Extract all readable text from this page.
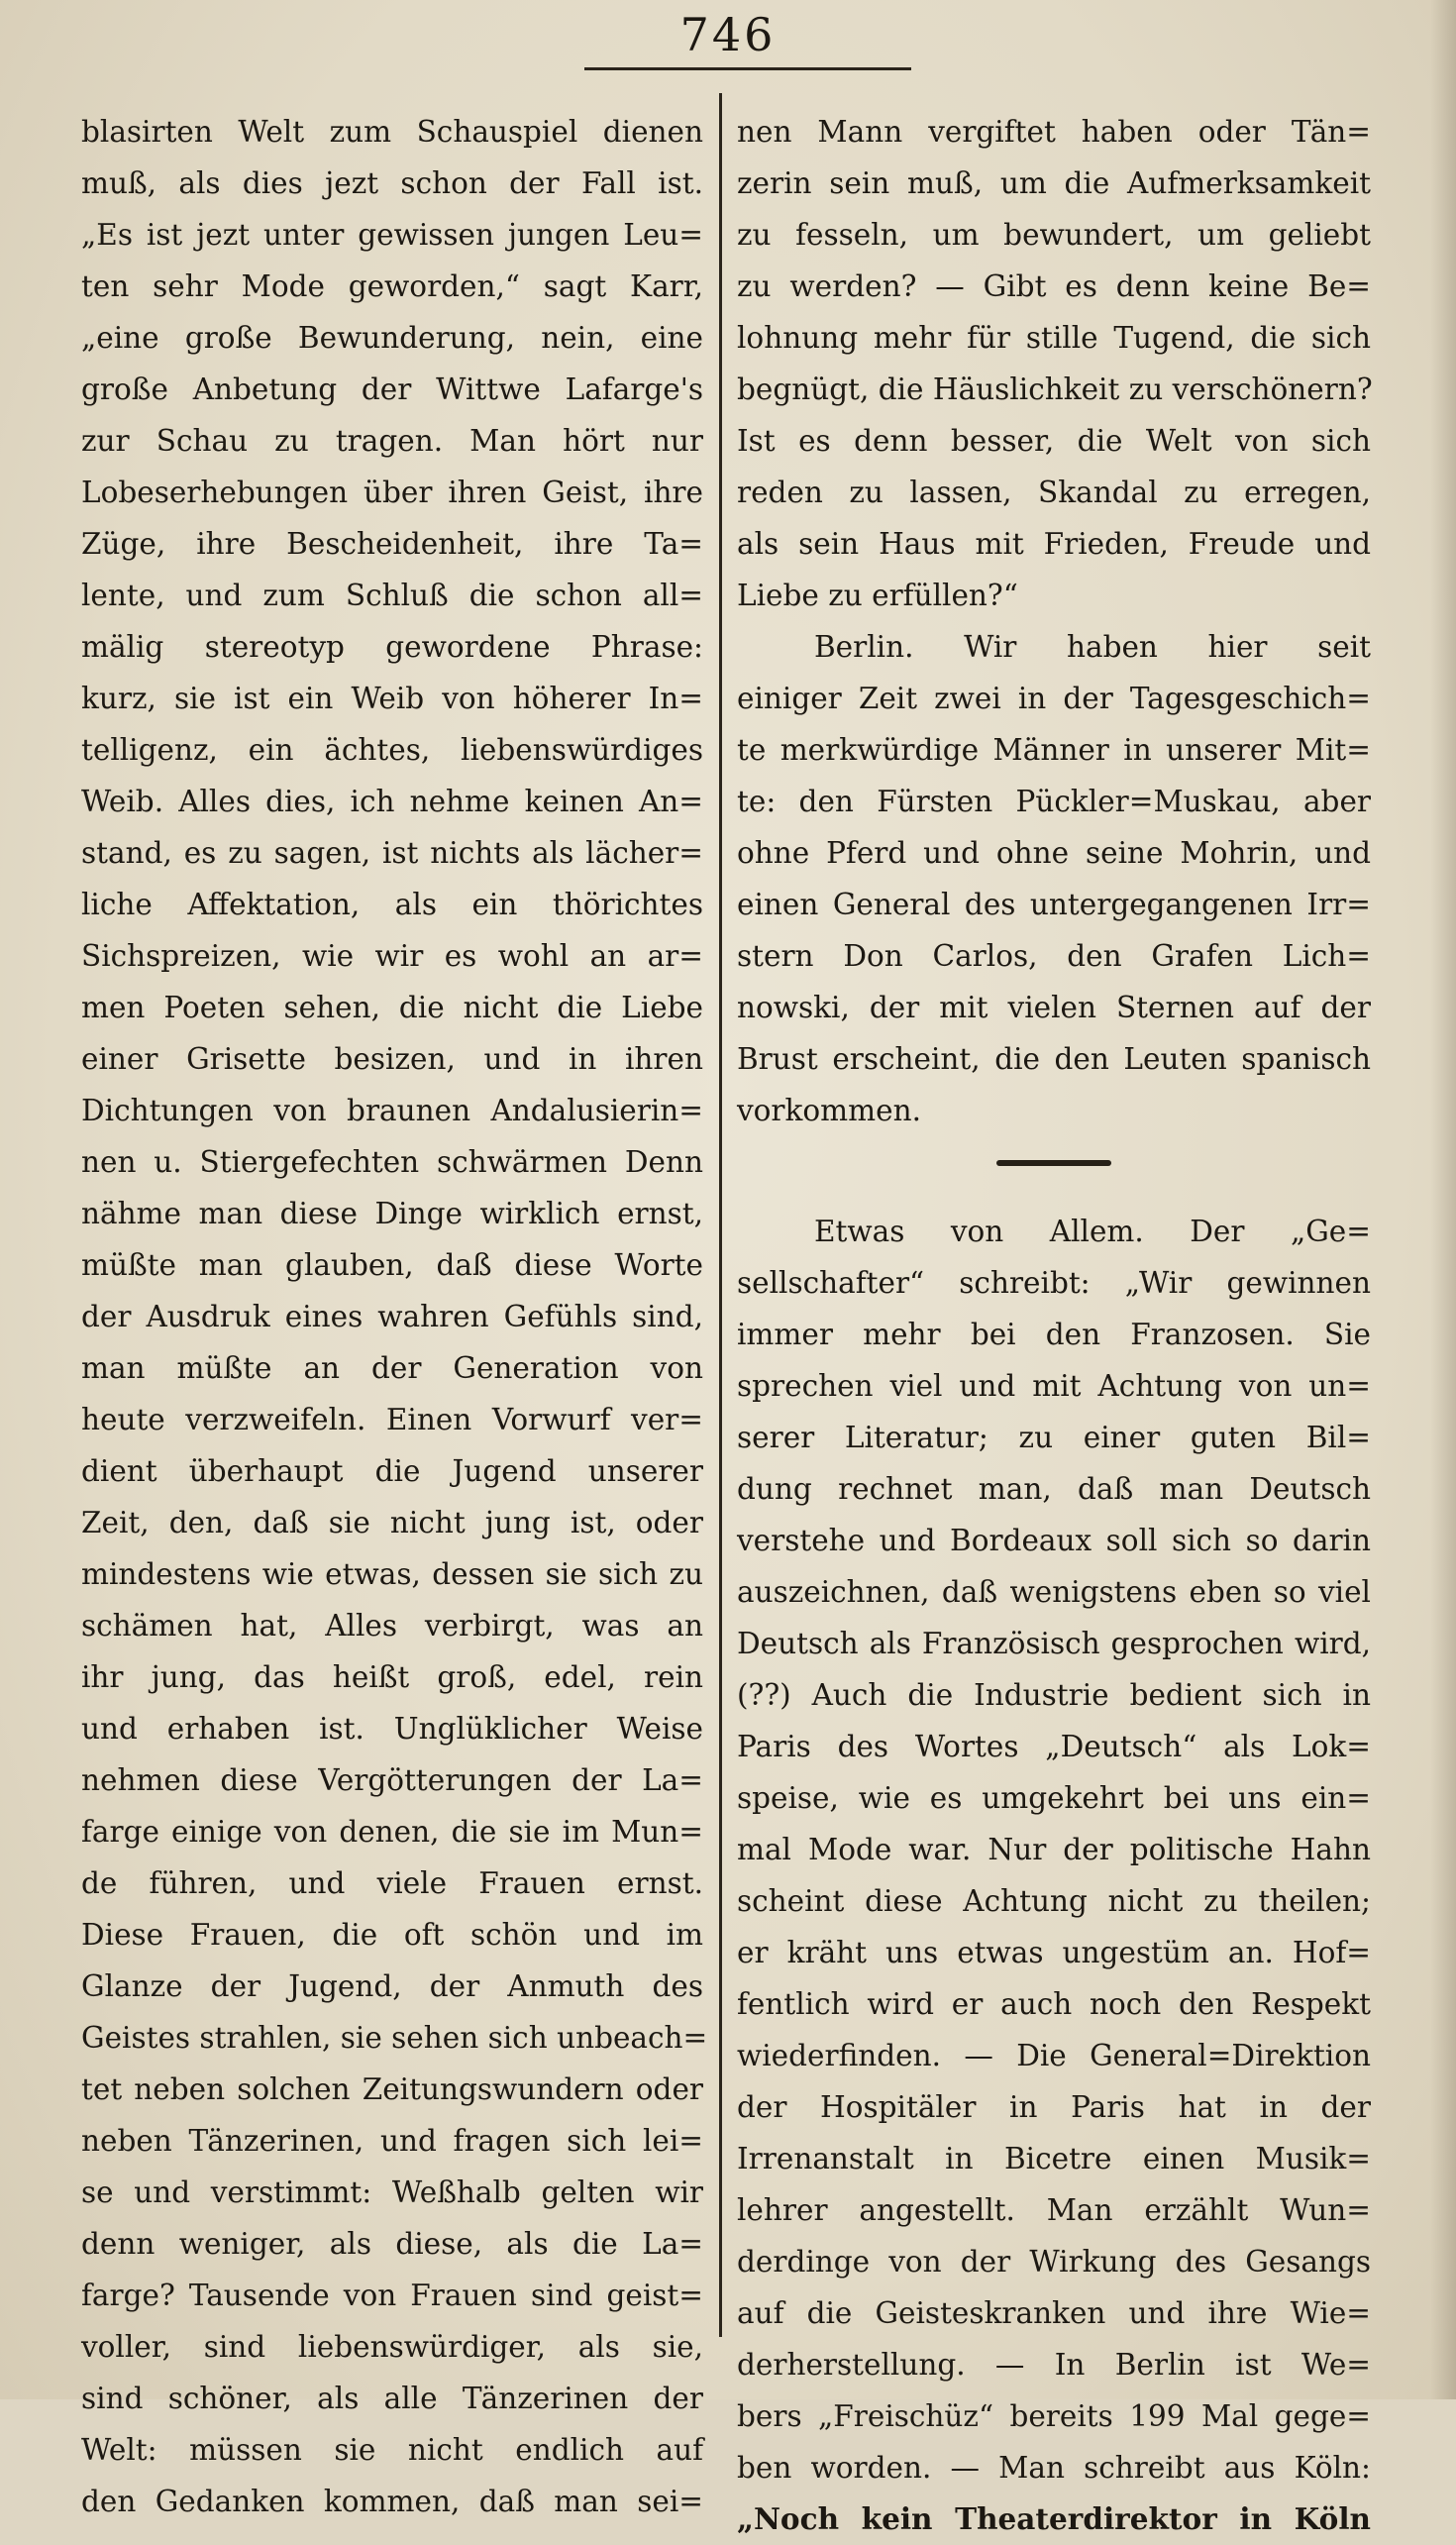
746
blasirten Welt zum Schauspiel dienen
muß, als dies jezt schon der Fall ist.
„Es ist jezt unter gewissen jungen Leu=
ten sehr Mode geworden,“ sagt Karr,
„eine große Bewunderung, nein, eine
große Anbetung der Wittwe Lafarge's
zur Schau zu tragen. Man hört nur
Lobeserhebungen über ihren Geist, ihre
Züge, ihre Bescheidenheit, ihre Ta=
lente, und zum Schluß die schon all=
mälig stereotyp gewordene Phrase:
kurz, sie ist ein Weib von höherer In=
telligenz, ein ächtes, liebenswürdiges
Weib. Alles dies, ich nehme keinen An=
stand, es zu sagen, ist nichts als lächer=
liche Affektation, als ein thörichtes
Sichspreizen, wie wir es wohl an ar=
men Poeten sehen, die nicht die Liebe
einer Grisette besizen, und in ihren
Dichtungen von braunen Andalusierin=
nen u. Stiergefechten schwärmen Denn
nähme man diese Dinge wirklich ernst,
müßte man glauben, daß diese Worte
der Ausdruk eines wahren Gefühls sind,
man müßte an der Generation von
heute verzweifeln. Einen Vorwurf ver=
dient überhaupt die Jugend unserer
Zeit, den, daß sie nicht jung ist, oder
mindestens wie etwas, dessen sie sich zu
schämen hat, Alles verbirgt, was an
ihr jung, das heißt groß, edel, rein
und erhaben ist. Unglüklicher Weise
nehmen diese Vergötterungen der La=
farge einige von denen, die sie im Mun=
de führen, und viele Frauen ernst.
Diese Frauen, die oft schön und im
Glanze der Jugend, der Anmuth des
Geistes strahlen, sie sehen sich unbeach=
tet neben solchen Zeitungswundern oder
neben Tänzerinen, und fragen sich lei=
se und verstimmt: Weßhalb gelten wir
denn weniger, als diese, als die La=
farge? Tausende von Frauen sind geist=
voller, sind liebenswürdiger, als sie,
sind schöner, als alle Tänzerinen der
Welt: müssen sie nicht endlich auf
den Gedanken kommen, daß man sei=
nen Mann vergiftet haben oder Tän=
zerin sein muß, um die Aufmerksamkeit
zu fesseln, um bewundert, um geliebt
zu werden? — Gibt es denn keine Be=
lohnung mehr für stille Tugend, die sich
begnügt, die Häuslichkeit zu verschönern?
Ist es denn besser, die Welt von sich
reden zu lassen, Skandal zu erregen,
als sein Haus mit Frieden, Freude und
Liebe zu erfüllen?“
Berlin. Wir haben hier seit
einiger Zeit zwei in der Tagesgeschich=
te merkwürdige Männer in unserer Mit=
te: den Fürsten Pückler=Muskau, aber
ohne Pferd und ohne seine Mohrin, und
einen General des untergegangenen Irr=
stern Don Carlos, den Grafen Lich=
nowski, der mit vielen Sternen auf der
Brust erscheint, die den Leuten spanisch
vorkommen.
Etwas von Allem. Der „Ge=
sellschafter“ schreibt: „Wir gewinnen
immer mehr bei den Franzosen. Sie
sprechen viel und mit Achtung von un=
serer Literatur; zu einer guten Bil=
dung rechnet man, daß man Deutsch
verstehe und Bordeaux soll sich so darin
auszeichnen, daß wenigstens eben so viel
Deutsch als Französisch gesprochen wird,
(??) Auch die Industrie bedient sich in
Paris des Wortes „Deutsch“ als Lok=
speise, wie es umgekehrt bei uns ein=
mal Mode war. Nur der politische Hahn
scheint diese Achtung nicht zu theilen;
er kräht uns etwas ungestüm an. Hof=
fentlich wird er auch noch den Respekt
wiederfinden. — Die General=Direktion
der Hospitäler in Paris hat in der
Irrenanstalt in Bicetre einen Musik=
lehrer angestellt. Man erzählt Wun=
derdinge von der Wirkung des Gesangs
auf die Geisteskranken und ihre Wie=
derherstellung. — In Berlin ist We=
bers „Freischüz“ bereits 199 Mal gege=
ben worden. — Man schreibt aus Köln:
„Noch kein Theaterdirektor in Köln
